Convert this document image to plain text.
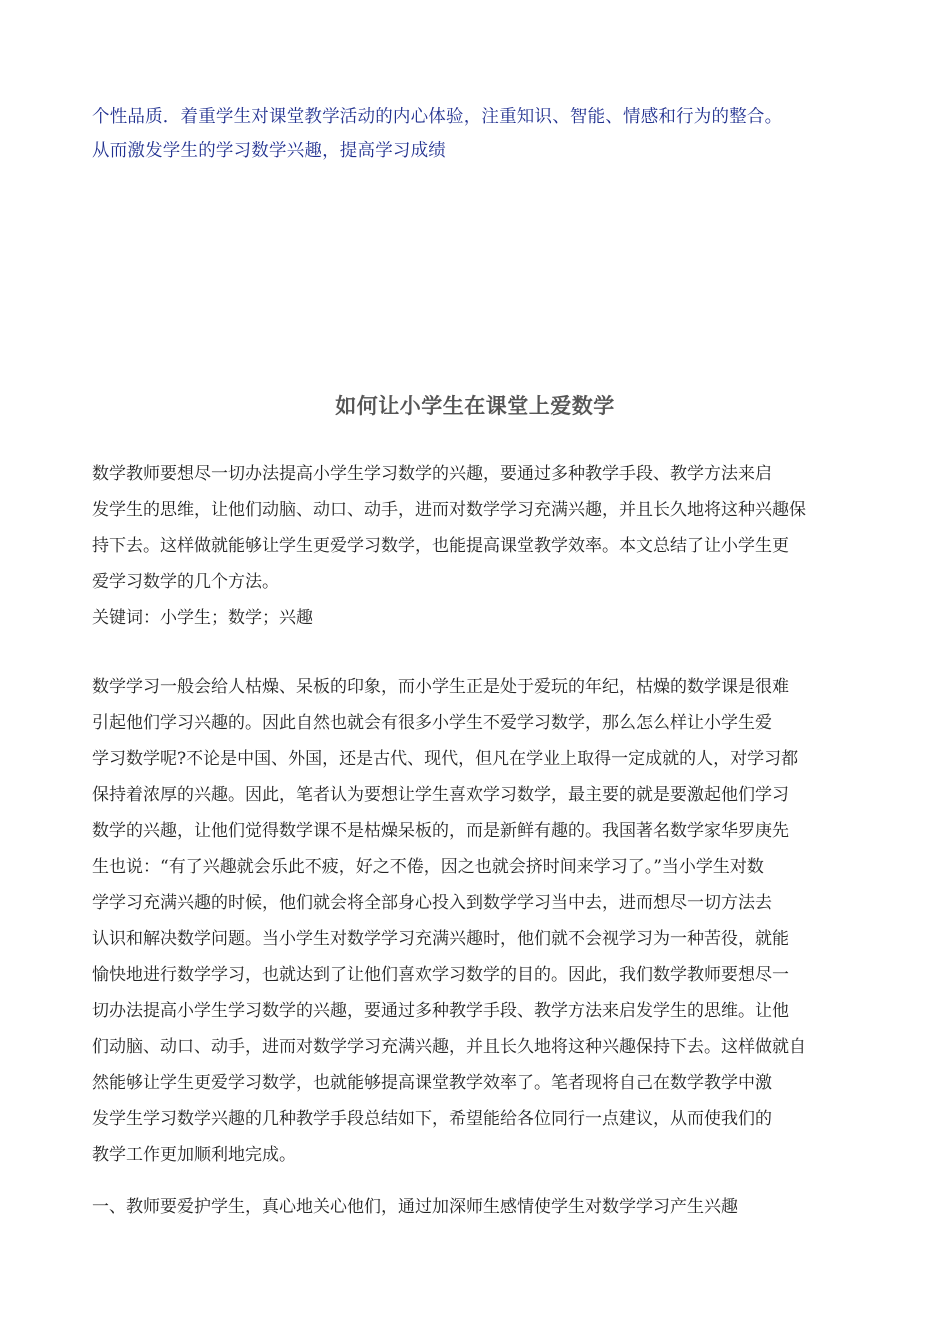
个性品质．着重学生对课堂教学活动的内心体验，注重知识、智能、情感和行为的整合。

从而激发学生的学习数学兴趣，提高学习成绩

如何让小学生在课堂上爱数学
数学教师要想尽一切办法提高小学生学习数学的兴趣，要通过多种教学手段、教学方法来启
发学生的思维，让他们动脑、动口、动手，进而对数学学习充满兴趣，并且长久地将这种兴趣保
持下去。这样做就能够让学生更爱学习数学，也能提高课堂教学效率。本文总结了让小学生更
爱学习数学的几个方法。
关键词：小学生；数学；兴趣
数学学习一般会给人枯燥、呆板的印象，而小学生正是处于爱玩的年纪，枯燥的数学课是很难
引起他们学习兴趣的。因此自然也就会有很多小学生不爱学习数学，那么怎么样让小学生爱
学习数学呢?不论是中国、外国，还是古代、现代，但凡在学业上取得一定成就的人，对学习都
保持着浓厚的兴趣。因此，笔者认为要想让学生喜欢学习数学，最主要的就是要激起他们学习
数学的兴趣，让他们觉得数学课不是枯燥呆板的，而是新鲜有趣的。我国著名数学家华罗庚先
生也说：“有了兴趣就会乐此不疲，好之不倦，因之也就会挤时间来学习了。”当小学生对数
学学习充满兴趣的时候，他们就会将全部身心投入到数学学习当中去，进而想尽一切方法去
认识和解决数学问题。当小学生对数学学习充满兴趣时，他们就不会视学习为一种苦役，就能
愉快地进行数学学习，也就达到了让他们喜欢学习数学的目的。因此，我们数学教师要想尽一
切办法提高小学生学习数学的兴趣，要通过多种教学手段、教学方法来启发学生的思维。让他
们动脑、动口、动手，进而对数学学习充满兴趣，并且长久地将这种兴趣保持下去。这样做就自
然能够让学生更爱学习数学，也就能够提高课堂教学效率了。笔者现将自己在数学教学中激
发学生学习数学兴趣的几种教学手段总结如下，希望能给各位同行一点建议，从而使我们的
教学工作更加顺利地完成。
一、教师要爱护学生，真心地关心他们，通过加深师生感情使学生对数学学习产生兴趣
